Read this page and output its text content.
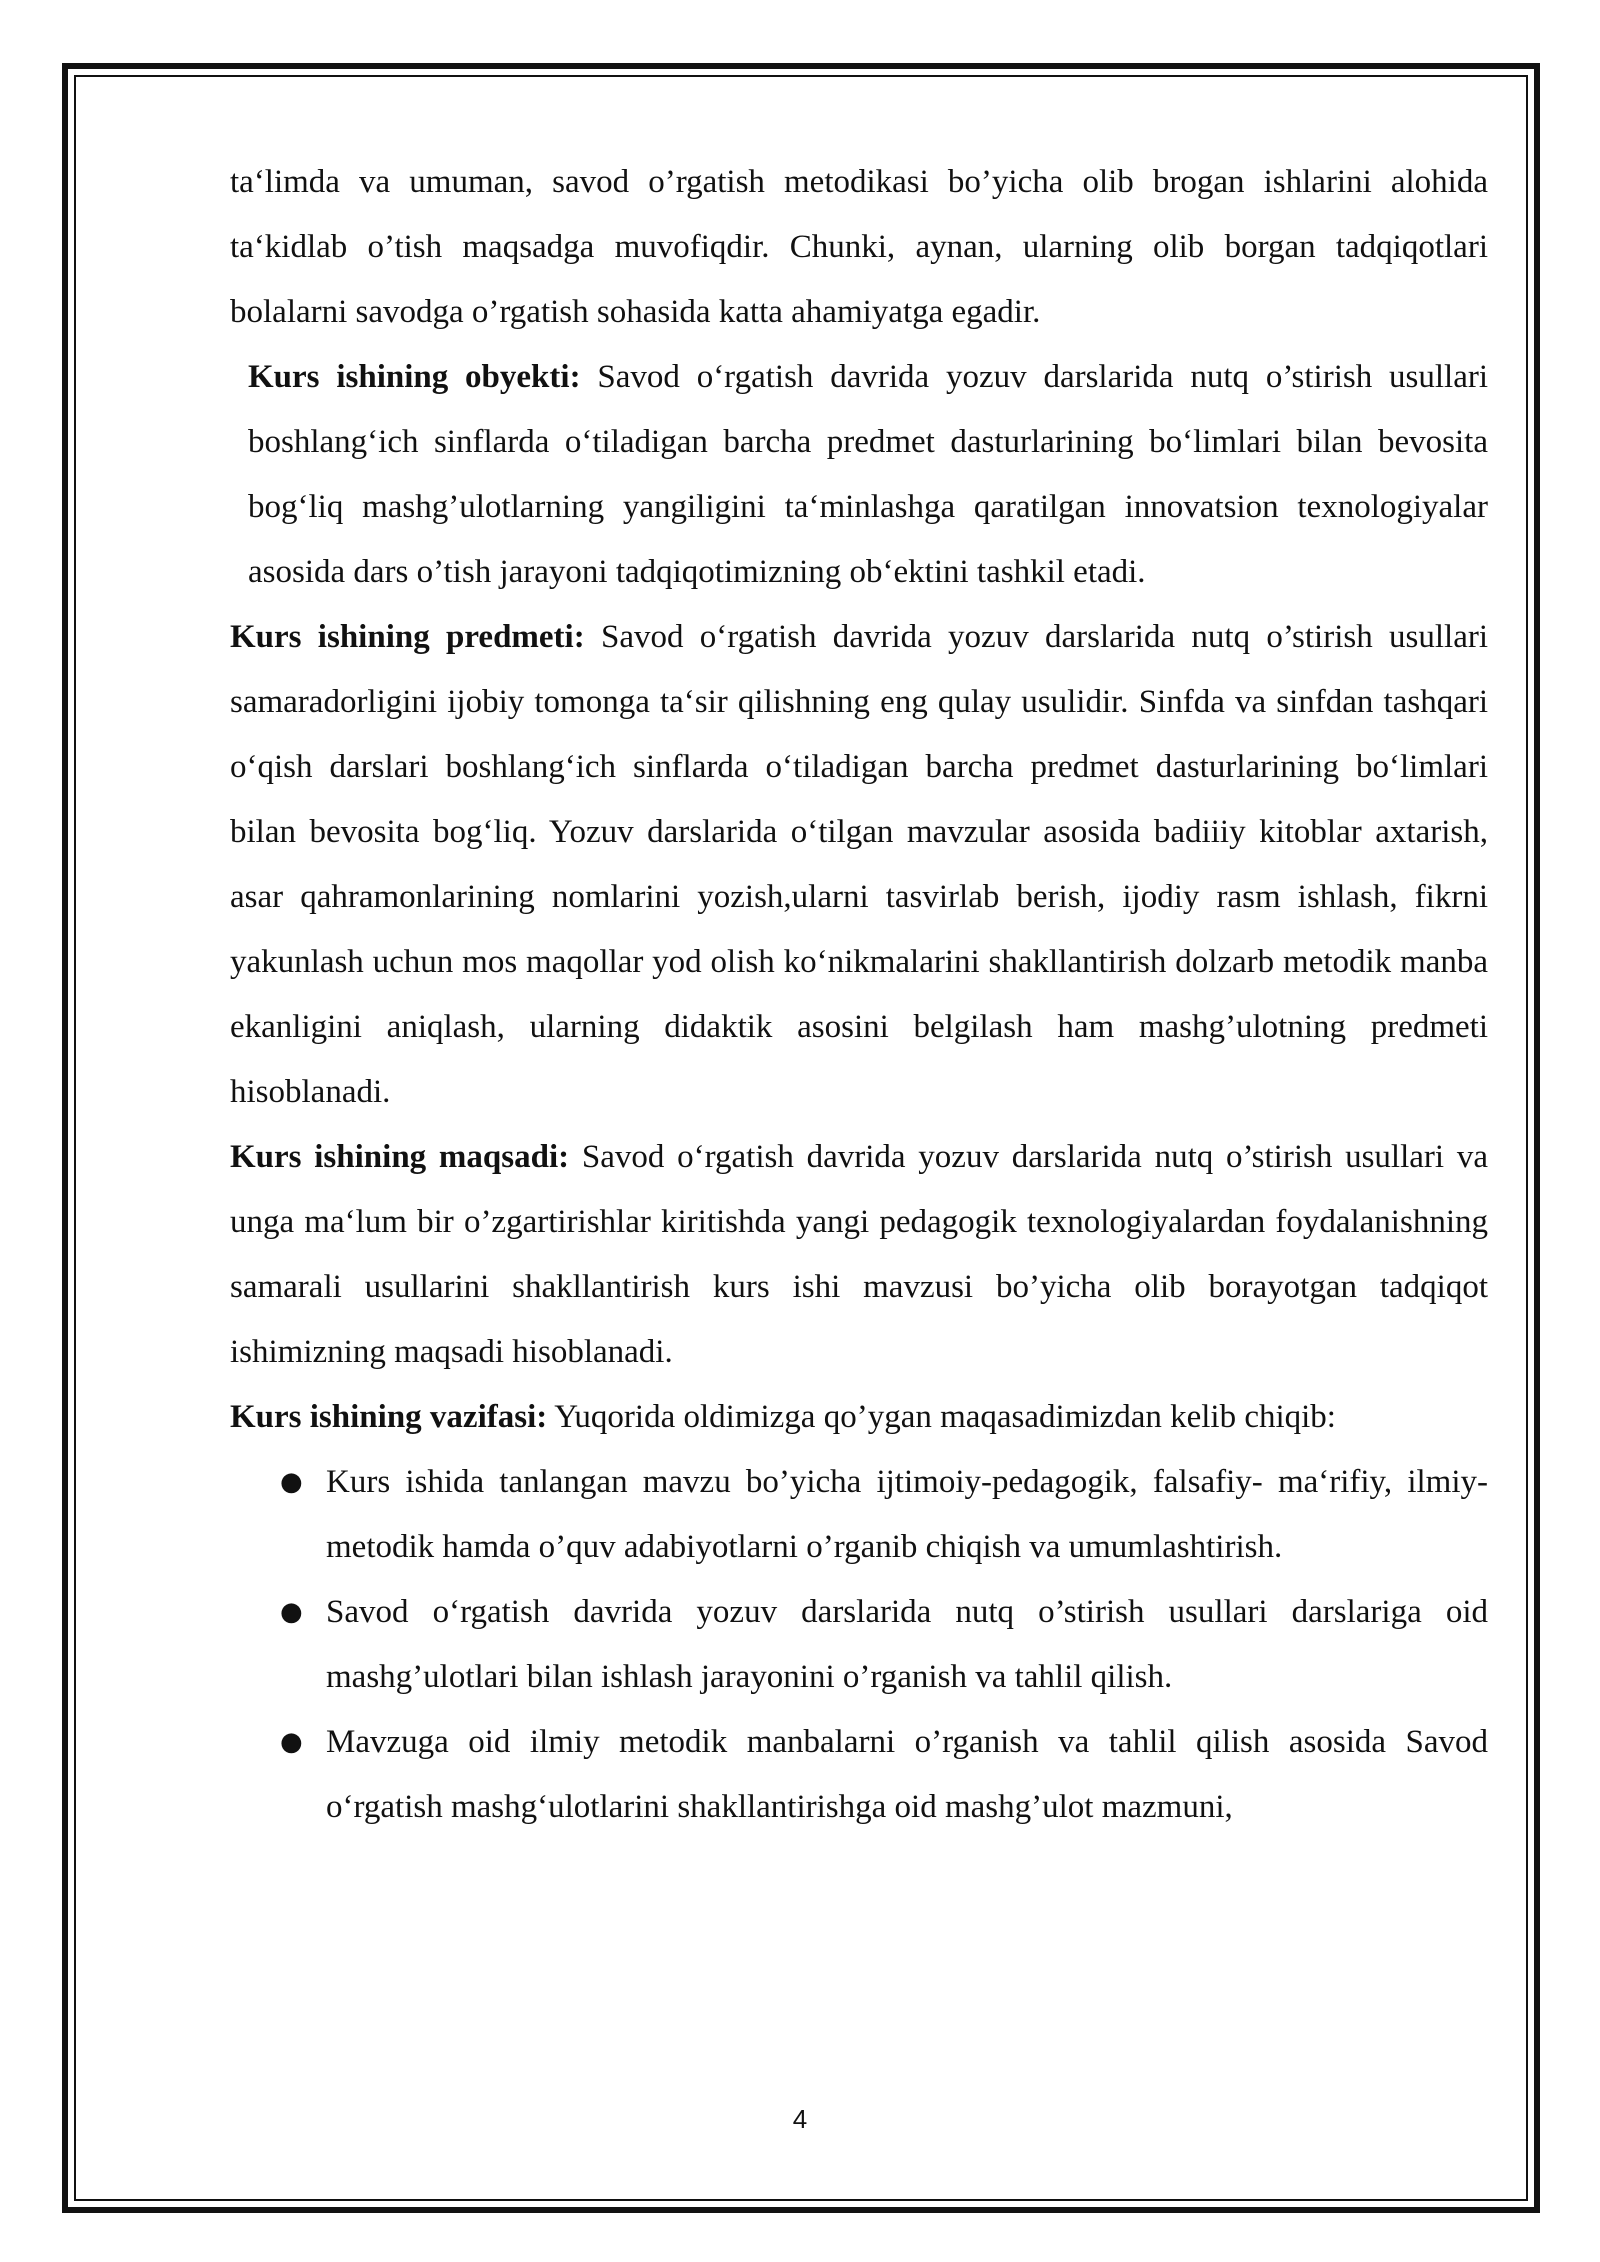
ta‘limda va umuman, savod o’rgatish metodikasi bo’yicha olib brogan ishlarini alohida ta‘kidlab o’tish maqsadga muvofiqdir. Chunki, aynan, ularning olib borgan tadqiqotlari bolalarni savodga o’rgatish sohasida katta ahamiyatga egadir.

Kurs ishining obyekti: Savod o‘rgatish davrida yozuv darslarida nutq o’stirish usullari boshlang‘ich sinflarda o‘tiladigan barcha predmet dasturlarining bo‘limlari bilan bevosita bog‘liq mashg’ulotlarning yangiligini ta‘minlashga qaratilgan innovatsion texnologiyalar asosida dars o’tish jarayoni tadqiqotimizning ob‘ektini tashkil etadi.

Kurs ishining predmeti: Savod o‘rgatish davrida yozuv darslarida nutq o’stirish usullari samaradorligini ijobiy tomonga ta‘sir qilishning eng qulay usulidir. Sinfda va sinfdan tashqari o‘qish darslari boshlang‘ich sinflarda o‘tiladigan barcha predmet dasturlarining bo‘limlari bilan bevosita bog‘liq. Yozuv darslarida o‘tilgan mavzular asosida badiiiy kitoblar axtarish, asar qahramonlarining nomlarini yozish,ularni tasvirlab berish, ijodiy rasm ishlash, fikrni yakunlash uchun mos maqollar yod olish ko‘nikmalarini shakllantirish dolzarb metodik manba ekanligini aniqlash, ularning didaktik asosini belgilash ham mashg’ulotning predmeti hisoblanadi.

Kurs ishining maqsadi: Savod o‘rgatish davrida yozuv darslarida nutq o’stirish usullari va unga ma‘lum bir o’zgartirishlar kiritishda yangi pedagogik texnologiyalardan foydalanishning samarali usullarini shakllantirish kurs ishi mavzusi bo’yicha olib borayotgan tadqiqot ishimizning maqsadi hisoblanadi.

Kurs ishining vazifasi: Yuqorida oldimizga qo’ygan maqasadimizdan kelib chiqib:

● Kurs ishida tanlangan mavzu bo’yicha ijtimoiy-pedagogik, falsafiy- ma‘rifiy, ilmiy-metodik hamda o’quv adabiyotlarni o’rganib chiqish va umumlashtirish.
● Savod o‘rgatish davrida yozuv darslarida nutq o’stirish usullari darslariga oid mashg’ulotlari bilan ishlash jarayonini o’rganish va tahlil qilish.
● Mavzuga oid ilmiy metodik manbalarni o’rganish va tahlil qilish asosida Savod o‘rgatish mashg‘ulotlarini shakllantirishga oid mashg’ulot mazmuni,
4
